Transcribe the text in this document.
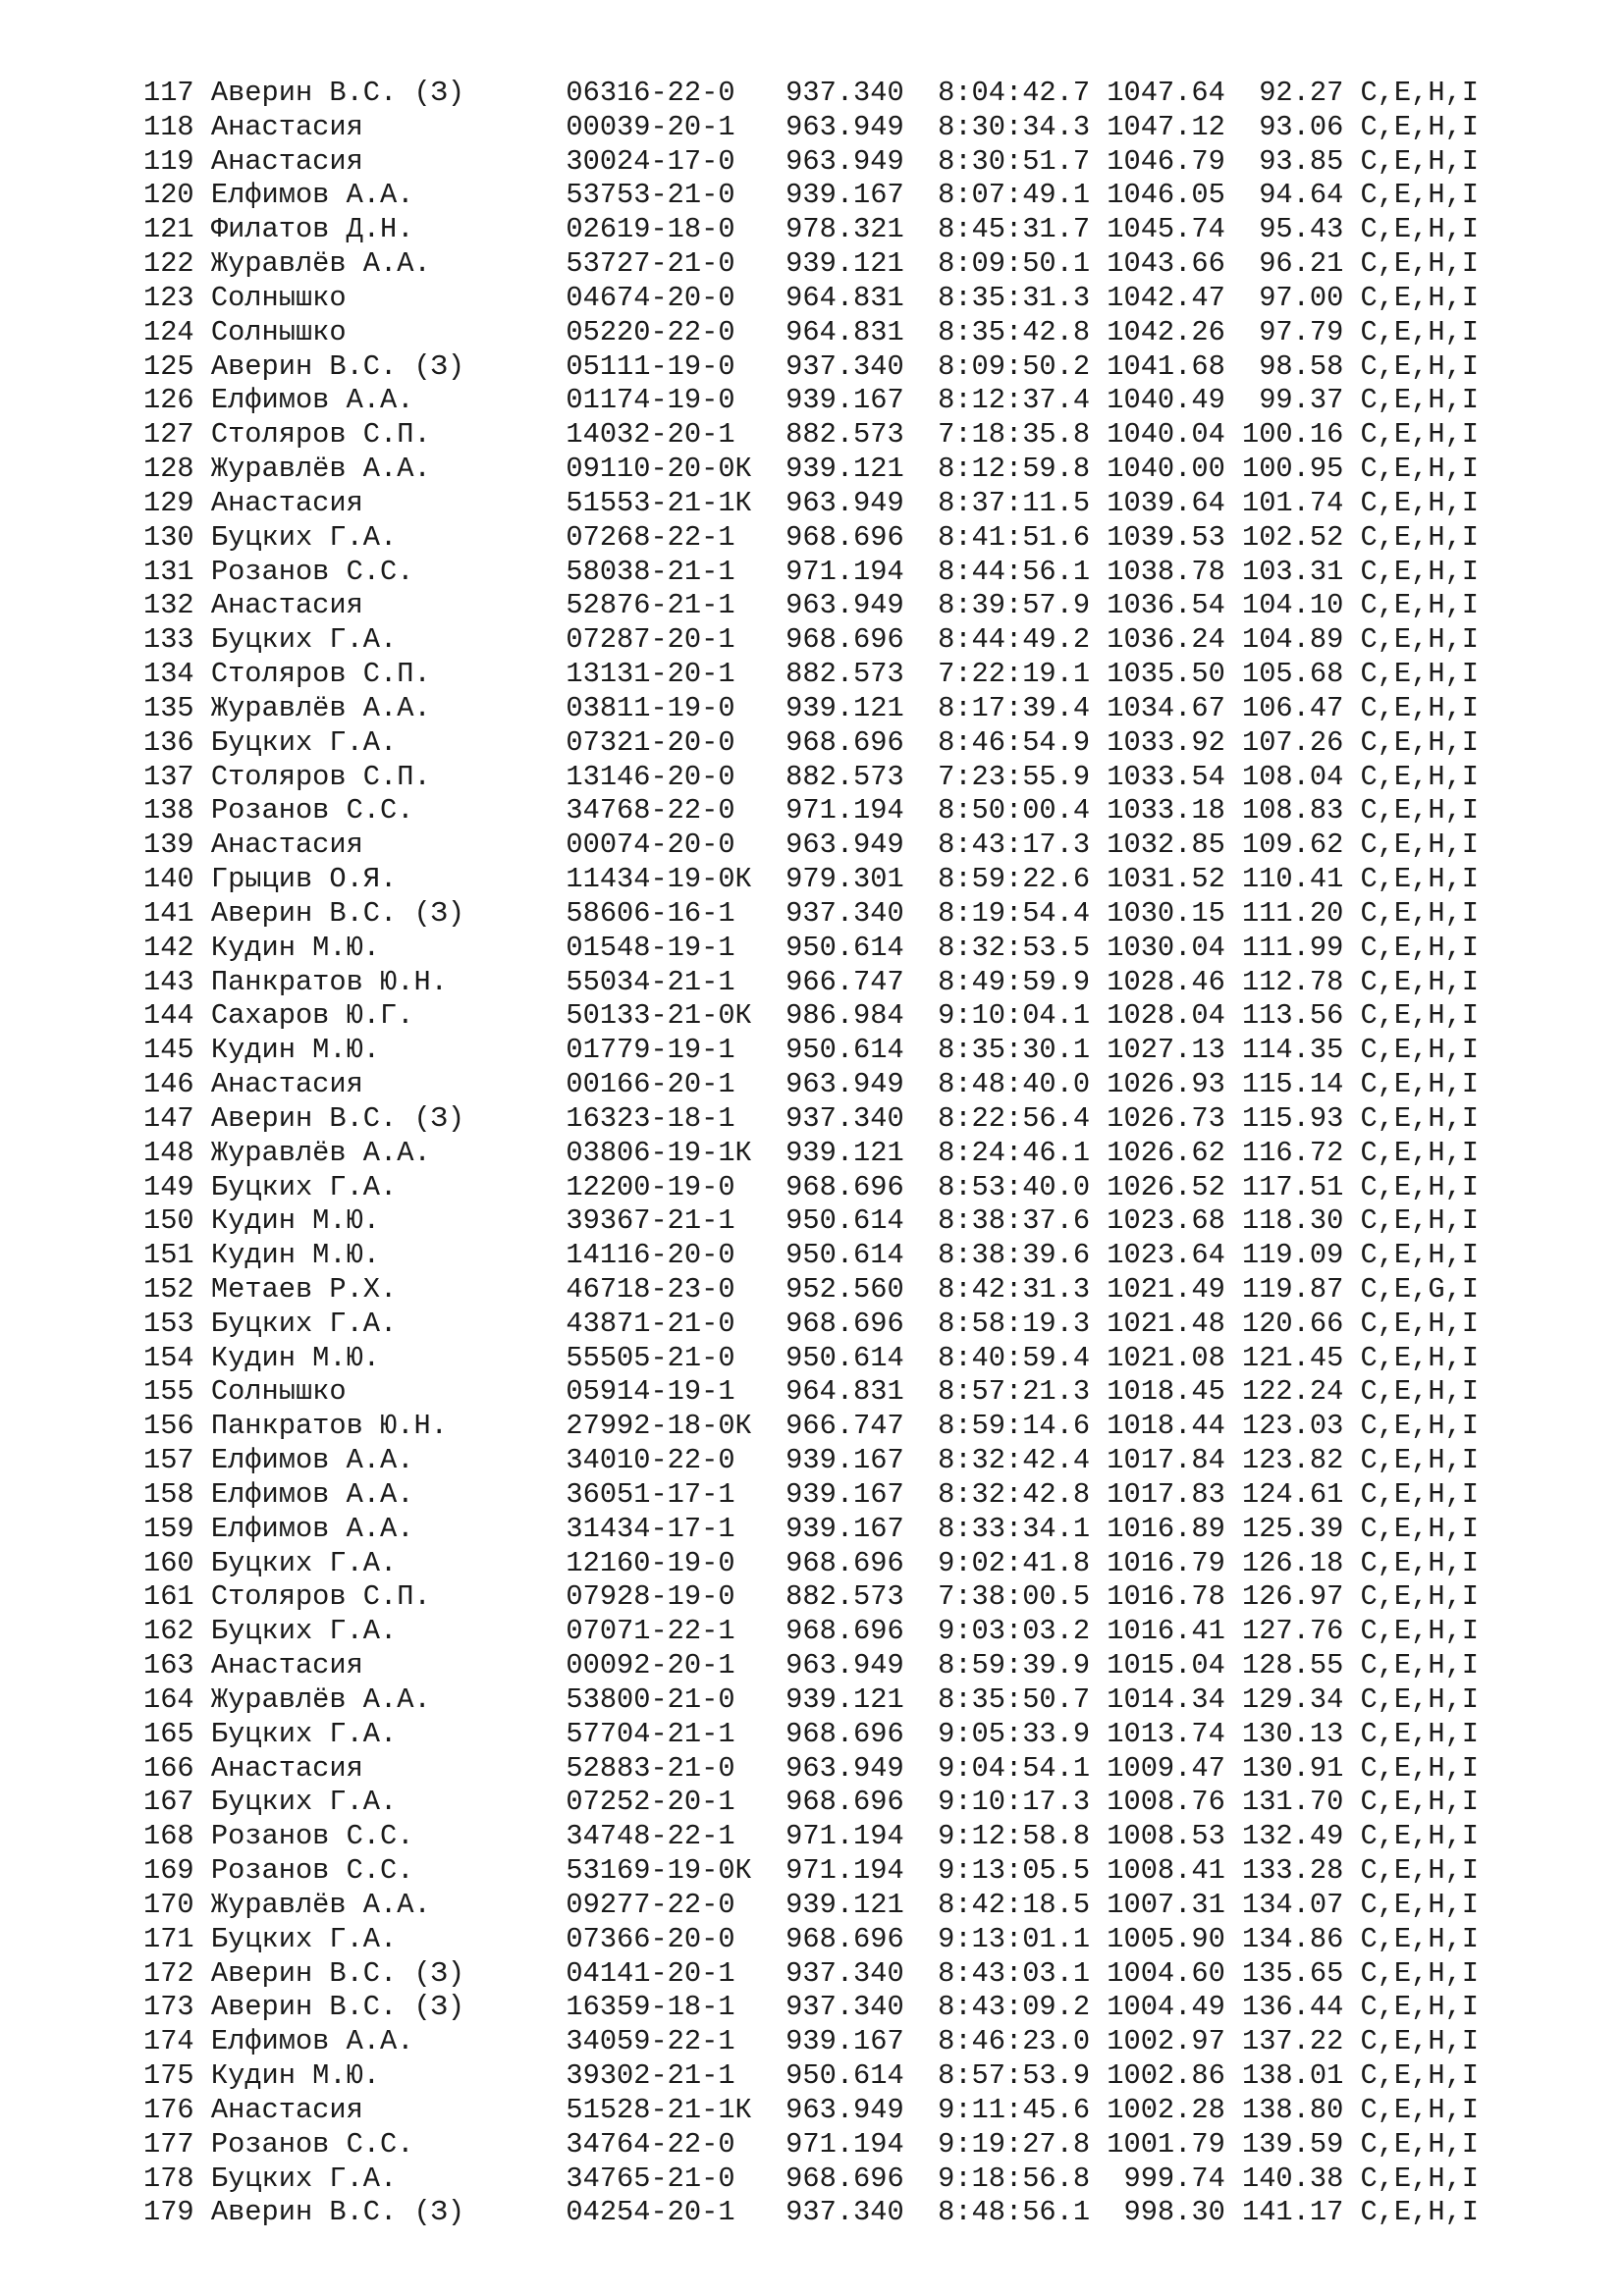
117 Аверин В.С. (З)      06316-22-0   937.340  8:04:42.7 1047.64  92.27 C,E,H,I
118 Анастасия            00039-20-1   963.949  8:30:34.3 1047.12  93.06 C,E,H,I
119 Анастасия            30024-17-0   963.949  8:30:51.7 1046.79  93.85 C,E,H,I
120 Елфимов А.А.         53753-21-0   939.167  8:07:49.1 1046.05  94.64 C,E,H,I
121 Филатов Д.Н.         02619-18-0   978.321  8:45:31.7 1045.74  95.43 C,E,H,I
122 Журавлёв А.А.        53727-21-0   939.121  8:09:50.1 1043.66  96.21 C,E,H,I
123 Солнышко             04674-20-0   964.831  8:35:31.3 1042.47  97.00 C,E,H,I
124 Солнышко             05220-22-0   964.831  8:35:42.8 1042.26  97.79 C,E,H,I
125 Аверин В.С. (З)      05111-19-0   937.340  8:09:50.2 1041.68  98.58 C,E,H,I
126 Елфимов А.А.         01174-19-0   939.167  8:12:37.4 1040.49  99.37 C,E,H,I
127 Столяров С.П.        14032-20-1   882.573  7:18:35.8 1040.04 100.16 C,E,H,I
128 Журавлёв А.А.        09110-20-0К  939.121  8:12:59.8 1040.00 100.95 C,E,H,I
129 Анастасия            51553-21-1К  963.949  8:37:11.5 1039.64 101.74 C,E,H,I
130 Буцких Г.А.          07268-22-1   968.696  8:41:51.6 1039.53 102.52 C,E,H,I
131 Розанов С.С.         58038-21-1   971.194  8:44:56.1 1038.78 103.31 C,E,H,I
132 Анастасия            52876-21-1   963.949  8:39:57.9 1036.54 104.10 C,E,H,I
133 Буцких Г.А.          07287-20-1   968.696  8:44:49.2 1036.24 104.89 C,E,H,I
134 Столяров С.П.        13131-20-1   882.573  7:22:19.1 1035.50 105.68 C,E,H,I
135 Журавлёв А.А.        03811-19-0   939.121  8:17:39.4 1034.67 106.47 C,E,H,I
136 Буцких Г.А.          07321-20-0   968.696  8:46:54.9 1033.92 107.26 C,E,H,I
137 Столяров С.П.        13146-20-0   882.573  7:23:55.9 1033.54 108.04 C,E,H,I
138 Розанов С.С.         34768-22-0   971.194  8:50:00.4 1033.18 108.83 C,E,H,I
139 Анастасия            00074-20-0   963.949  8:43:17.3 1032.85 109.62 C,E,H,I
140 Грыцив О.Я.          11434-19-0К  979.301  8:59:22.6 1031.52 110.41 C,E,H,I
141 Аверин В.С. (З)      58606-16-1   937.340  8:19:54.4 1030.15 111.20 C,E,H,I
142 Кудин М.Ю.           01548-19-1   950.614  8:32:53.5 1030.04 111.99 C,E,H,I
143 Панкратов Ю.Н.       55034-21-1   966.747  8:49:59.9 1028.46 112.78 C,E,H,I
144 Сахаров Ю.Г.         50133-21-0К  986.984  9:10:04.1 1028.04 113.56 C,E,H,I
145 Кудин М.Ю.           01779-19-1   950.614  8:35:30.1 1027.13 114.35 C,E,H,I
146 Анастасия            00166-20-1   963.949  8:48:40.0 1026.93 115.14 C,E,H,I
147 Аверин В.С. (З)      16323-18-1   937.340  8:22:56.4 1026.73 115.93 C,E,H,I
148 Журавлёв А.А.        03806-19-1К  939.121  8:24:46.1 1026.62 116.72 C,E,H,I
149 Буцких Г.А.          12200-19-0   968.696  8:53:40.0 1026.52 117.51 C,E,H,I
150 Кудин М.Ю.           39367-21-1   950.614  8:38:37.6 1023.68 118.30 C,E,H,I
151 Кудин М.Ю.           14116-20-0   950.614  8:38:39.6 1023.64 119.09 C,E,H,I
152 Метаев Р.Х.          46718-23-0   952.560  8:42:31.3 1021.49 119.87 C,E,G,I
153 Буцких Г.А.          43871-21-0   968.696  8:58:19.3 1021.48 120.66 C,E,H,I
154 Кудин М.Ю.           55505-21-0   950.614  8:40:59.4 1021.08 121.45 C,E,H,I
155 Солнышко             05914-19-1   964.831  8:57:21.3 1018.45 122.24 C,E,H,I
156 Панкратов Ю.Н.       27992-18-0К  966.747  8:59:14.6 1018.44 123.03 C,E,H,I
157 Елфимов А.А.         34010-22-0   939.167  8:32:42.4 1017.84 123.82 C,E,H,I
158 Елфимов А.А.         36051-17-1   939.167  8:32:42.8 1017.83 124.61 C,E,H,I
159 Елфимов А.А.         31434-17-1   939.167  8:33:34.1 1016.89 125.39 C,E,H,I
160 Буцких Г.А.          12160-19-0   968.696  9:02:41.8 1016.79 126.18 C,E,H,I
161 Столяров С.П.        07928-19-0   882.573  7:38:00.5 1016.78 126.97 C,E,H,I
162 Буцких Г.А.          07071-22-1   968.696  9:03:03.2 1016.41 127.76 C,E,H,I
163 Анастасия            00092-20-1   963.949  8:59:39.9 1015.04 128.55 C,E,H,I
164 Журавлёв А.А.        53800-21-0   939.121  8:35:50.7 1014.34 129.34 C,E,H,I
165 Буцких Г.А.          57704-21-1   968.696  9:05:33.9 1013.74 130.13 C,E,H,I
166 Анастасия            52883-21-0   963.949  9:04:54.1 1009.47 130.91 C,E,H,I
167 Буцких Г.А.          07252-20-1   968.696  9:10:17.3 1008.76 131.70 C,E,H,I
168 Розанов С.С.         34748-22-1   971.194  9:12:58.8 1008.53 132.49 C,E,H,I
169 Розанов С.С.         53169-19-0К  971.194  9:13:05.5 1008.41 133.28 C,E,H,I
170 Журавлёв А.А.        09277-22-0   939.121  8:42:18.5 1007.31 134.07 C,E,H,I
171 Буцких Г.А.          07366-20-0   968.696  9:13:01.1 1005.90 134.86 C,E,H,I
172 Аверин В.С. (З)      04141-20-1   937.340  8:43:03.1 1004.60 135.65 C,E,H,I
173 Аверин В.С. (З)      16359-18-1   937.340  8:43:09.2 1004.49 136.44 C,E,H,I
174 Елфимов А.А.         34059-22-1   939.167  8:46:23.0 1002.97 137.22 C,E,H,I
175 Кудин М.Ю.           39302-21-1   950.614  8:57:53.9 1002.86 138.01 C,E,H,I
176 Анастасия            51528-21-1К  963.949  9:11:45.6 1002.28 138.80 C,E,H,I
177 Розанов С.С.         34764-22-0   971.194  9:19:27.8 1001.79 139.59 C,E,H,I
178 Буцких Г.А.          34765-21-0   968.696  9:18:56.8  999.74 140.38 C,E,H,I
179 Аверин В.С. (З)      04254-20-1   937.340  8:48:56.1  998.30 141.17 C,E,H,I
